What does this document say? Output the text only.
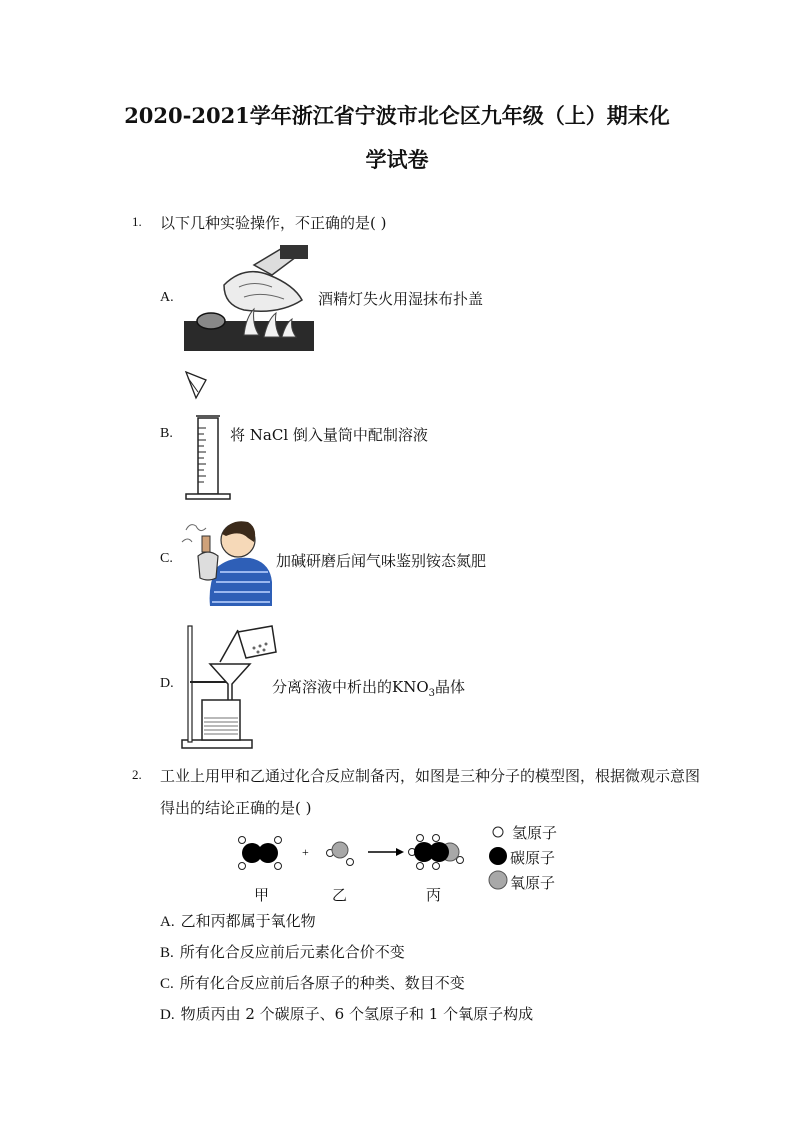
2020-2021学年浙江省宁波市北仑区九年级（上）期末化
学试卷
1. 以下几种实验操作，不正确的是( )
A.	酒精灯失火用湿抹布扑盖
B.	将 NaCl 倒入量筒中配制溶液
C.	加碱研磨后闻气味鉴别铵态氮肥
D.	分离溶液中析出的$KNO_3$晶体
2. 工业上用甲和乙通过化合反应制备丙，如图是三种分子的模型图，根据微观示意图
得出的结论正确的是( )
+
甲	乙	丙
氢原子
碳原子
氧原子
A. 乙和丙都属于氧化物
B. 所有化合反应前后元素化合价不变
C. 所有化合反应前后各原子的种类、数目不变
D. 物质丙由 2 个碳原子、6 个氢原子和 1 个氧原子构成
